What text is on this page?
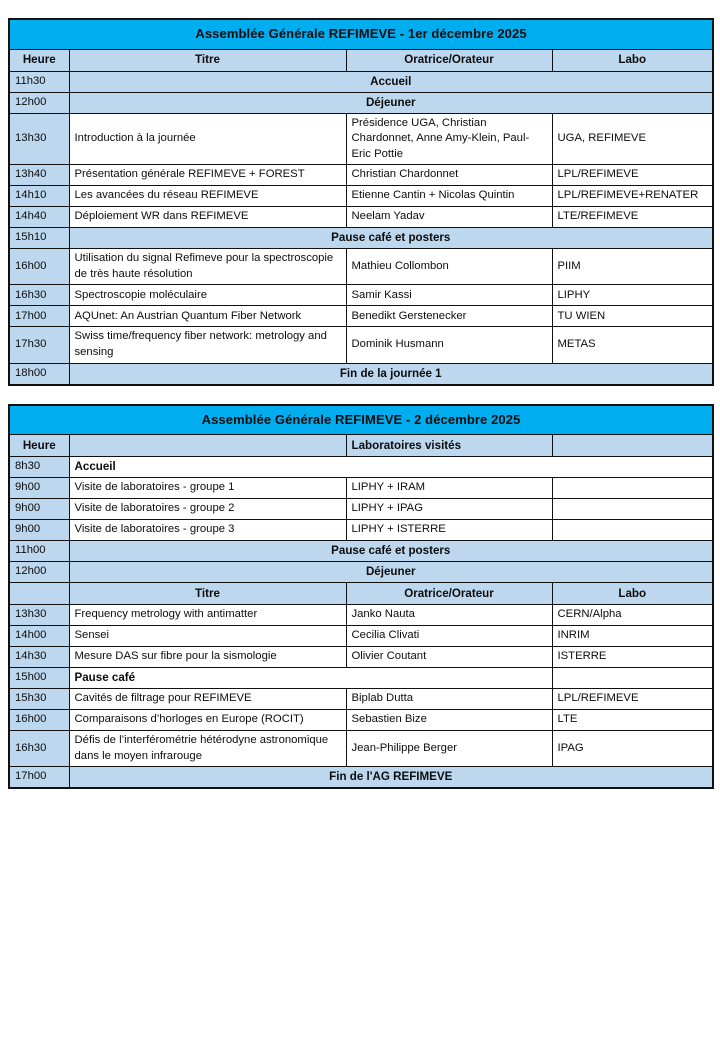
Assemblée Générale REFIMEVE - 1er décembre 2025			
Heure	Titre	Oratrice/Orateur	Labo
11h30	Accueil		
12h00	Déjeuner		
13h30	Introduction à la journée	Présidence UGA, Christian Chardonnet, Anne Amy-Klein, Paul-Eric Pottie	UGA, REFIMEVE
13h40	Présentation générale REFIMEVE + FOREST	Christian Chardonnet	LPL/REFIMEVE
14h10	Les avancées du réseau REFIMEVE	Etienne Cantin + Nicolas Quintin	LPL/REFIMEVE+RENATER
14h40	Déploiement WR dans REFIMEVE	Neelam Yadav	LTE/REFIMEVE
15h10	Pause café et posters		
16h00	Utilisation du signal Refimeve pour la spectroscopie de très haute résolution	Mathieu Collombon	PIIM
16h30	Spectroscopie moléculaire	Samir Kassi	LIPHY
17h00	AQUnet: An Austrian Quantum Fiber Network	Benedikt Gerstenecker	TU WIEN
17h30	Swiss time/frequency fiber network: metrology and sensing	Dominik Husmann	METAS
18h00	Fin de la journée 1		
Assemblée Générale REFIMEVE - 2 décembre 2025			
Heure		Laboratoires visités	
8h30	Accueil		
9h00	Visite de laboratoires - groupe 1	LIPHY + IRAM	
9h00	Visite de laboratoires - groupe 2	LIPHY + IPAG	
9h00	Visite de laboratoires - groupe 3	LIPHY + ISTERRE	
11h00	Pause café et posters		
12h00	Déjeuner		
	Titre	Oratrice/Orateur	Labo
13h30	Frequency metrology with antimatter	Janko Nauta	CERN/Alpha
14h00	Sensei	Cecilia Clivati	INRIM
14h30	Mesure DAS sur fibre pour la sismologie	Olivier Coutant	ISTERRE
15h00	Pause café		
15h30	Cavités de filtrage pour REFIMEVE	Biplab Dutta	LPL/REFIMEVE
16h00	Comparaisons d’horloges en Europe (ROCIT)	Sebastien Bize	LTE
16h30	Défis de l’interférométrie hétérodyne astronomique dans le moyen infrarouge	Jean-Philippe Berger	IPAG
17h00	Fin de l'AG REFIMEVE		
